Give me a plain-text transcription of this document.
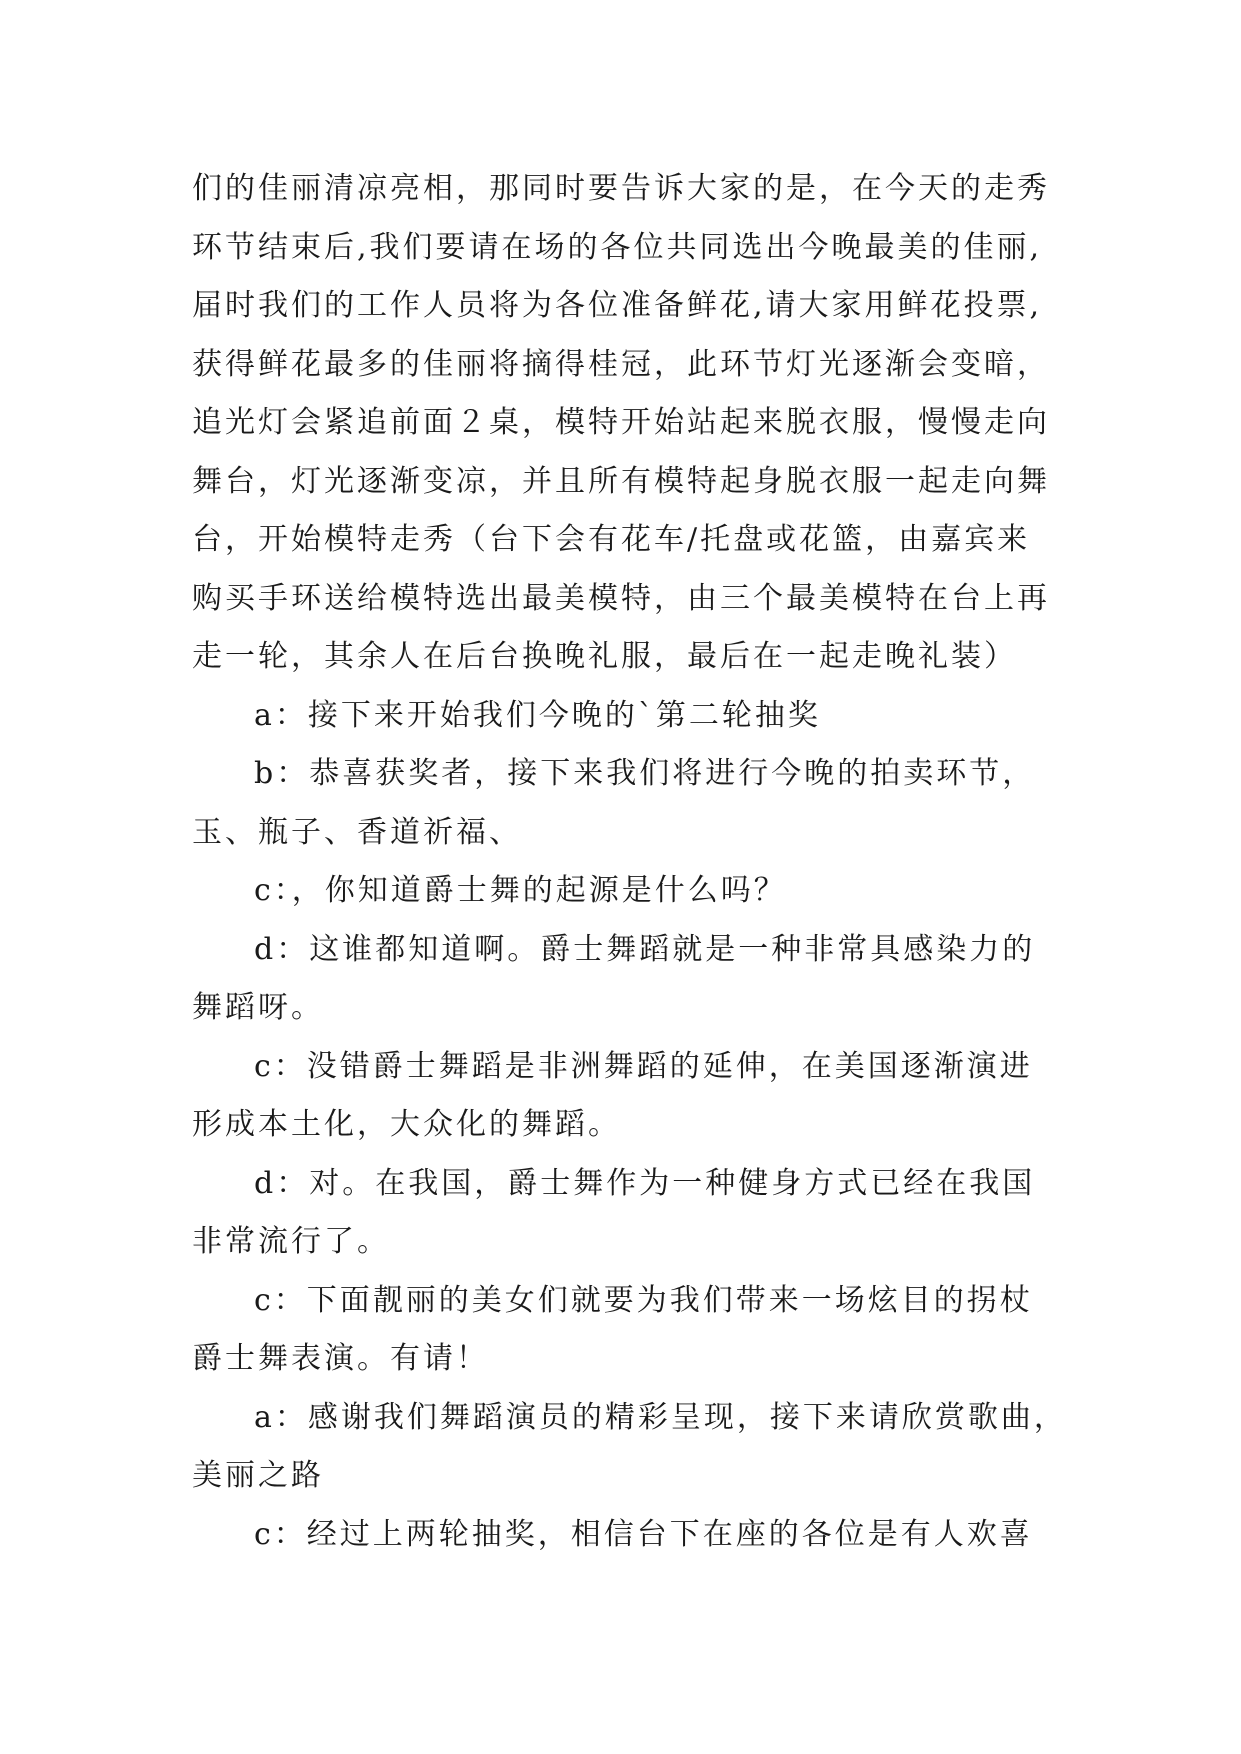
们的佳丽清凉亮相，那同时要告诉大家的是，在今天的走秀
环节结束后,我们要请在场的各位共同选出今晚最美的佳丽,
届时我们的工作人员将为各位准备鲜花,请大家用鲜花投票,
获得鲜花最多的佳丽将摘得桂冠，此环节灯光逐渐会变暗，
追光灯会紧追前面２桌，模特开始站起来脱衣服，慢慢走向
舞台，灯光逐渐变凉，并且所有模特起身脱衣服一起走向舞
台，开始模特走秀（台下会有花车/托盘或花篮，由嘉宾来
购买手环送给模特选出最美模特，由三个最美模特在台上再
走一轮，其余人在后台换晚礼服，最后在一起走晚礼装）
a：接下来开始我们今晚的`第二轮抽奖
b：恭喜获奖者，接下来我们将进行今晚的拍卖环节，
玉、瓶子、香道祈福、
c：，你知道爵士舞的起源是什么吗？
d：这谁都知道啊。爵士舞蹈就是一种非常具感染力的
舞蹈呀。
c：没错爵士舞蹈是非洲舞蹈的延伸，在美国逐渐演进
形成本土化，大众化的舞蹈。
d：对。在我国，爵士舞作为一种健身方式已经在我国
非常流行了。
c：下面靓丽的美女们就要为我们带来一场炫目的拐杖
爵士舞表演。有请！
a：感谢我们舞蹈演员的精彩呈现，接下来请欣赏歌曲，
美丽之路
c：经过上两轮抽奖，相信台下在座的各位是有人欢喜
